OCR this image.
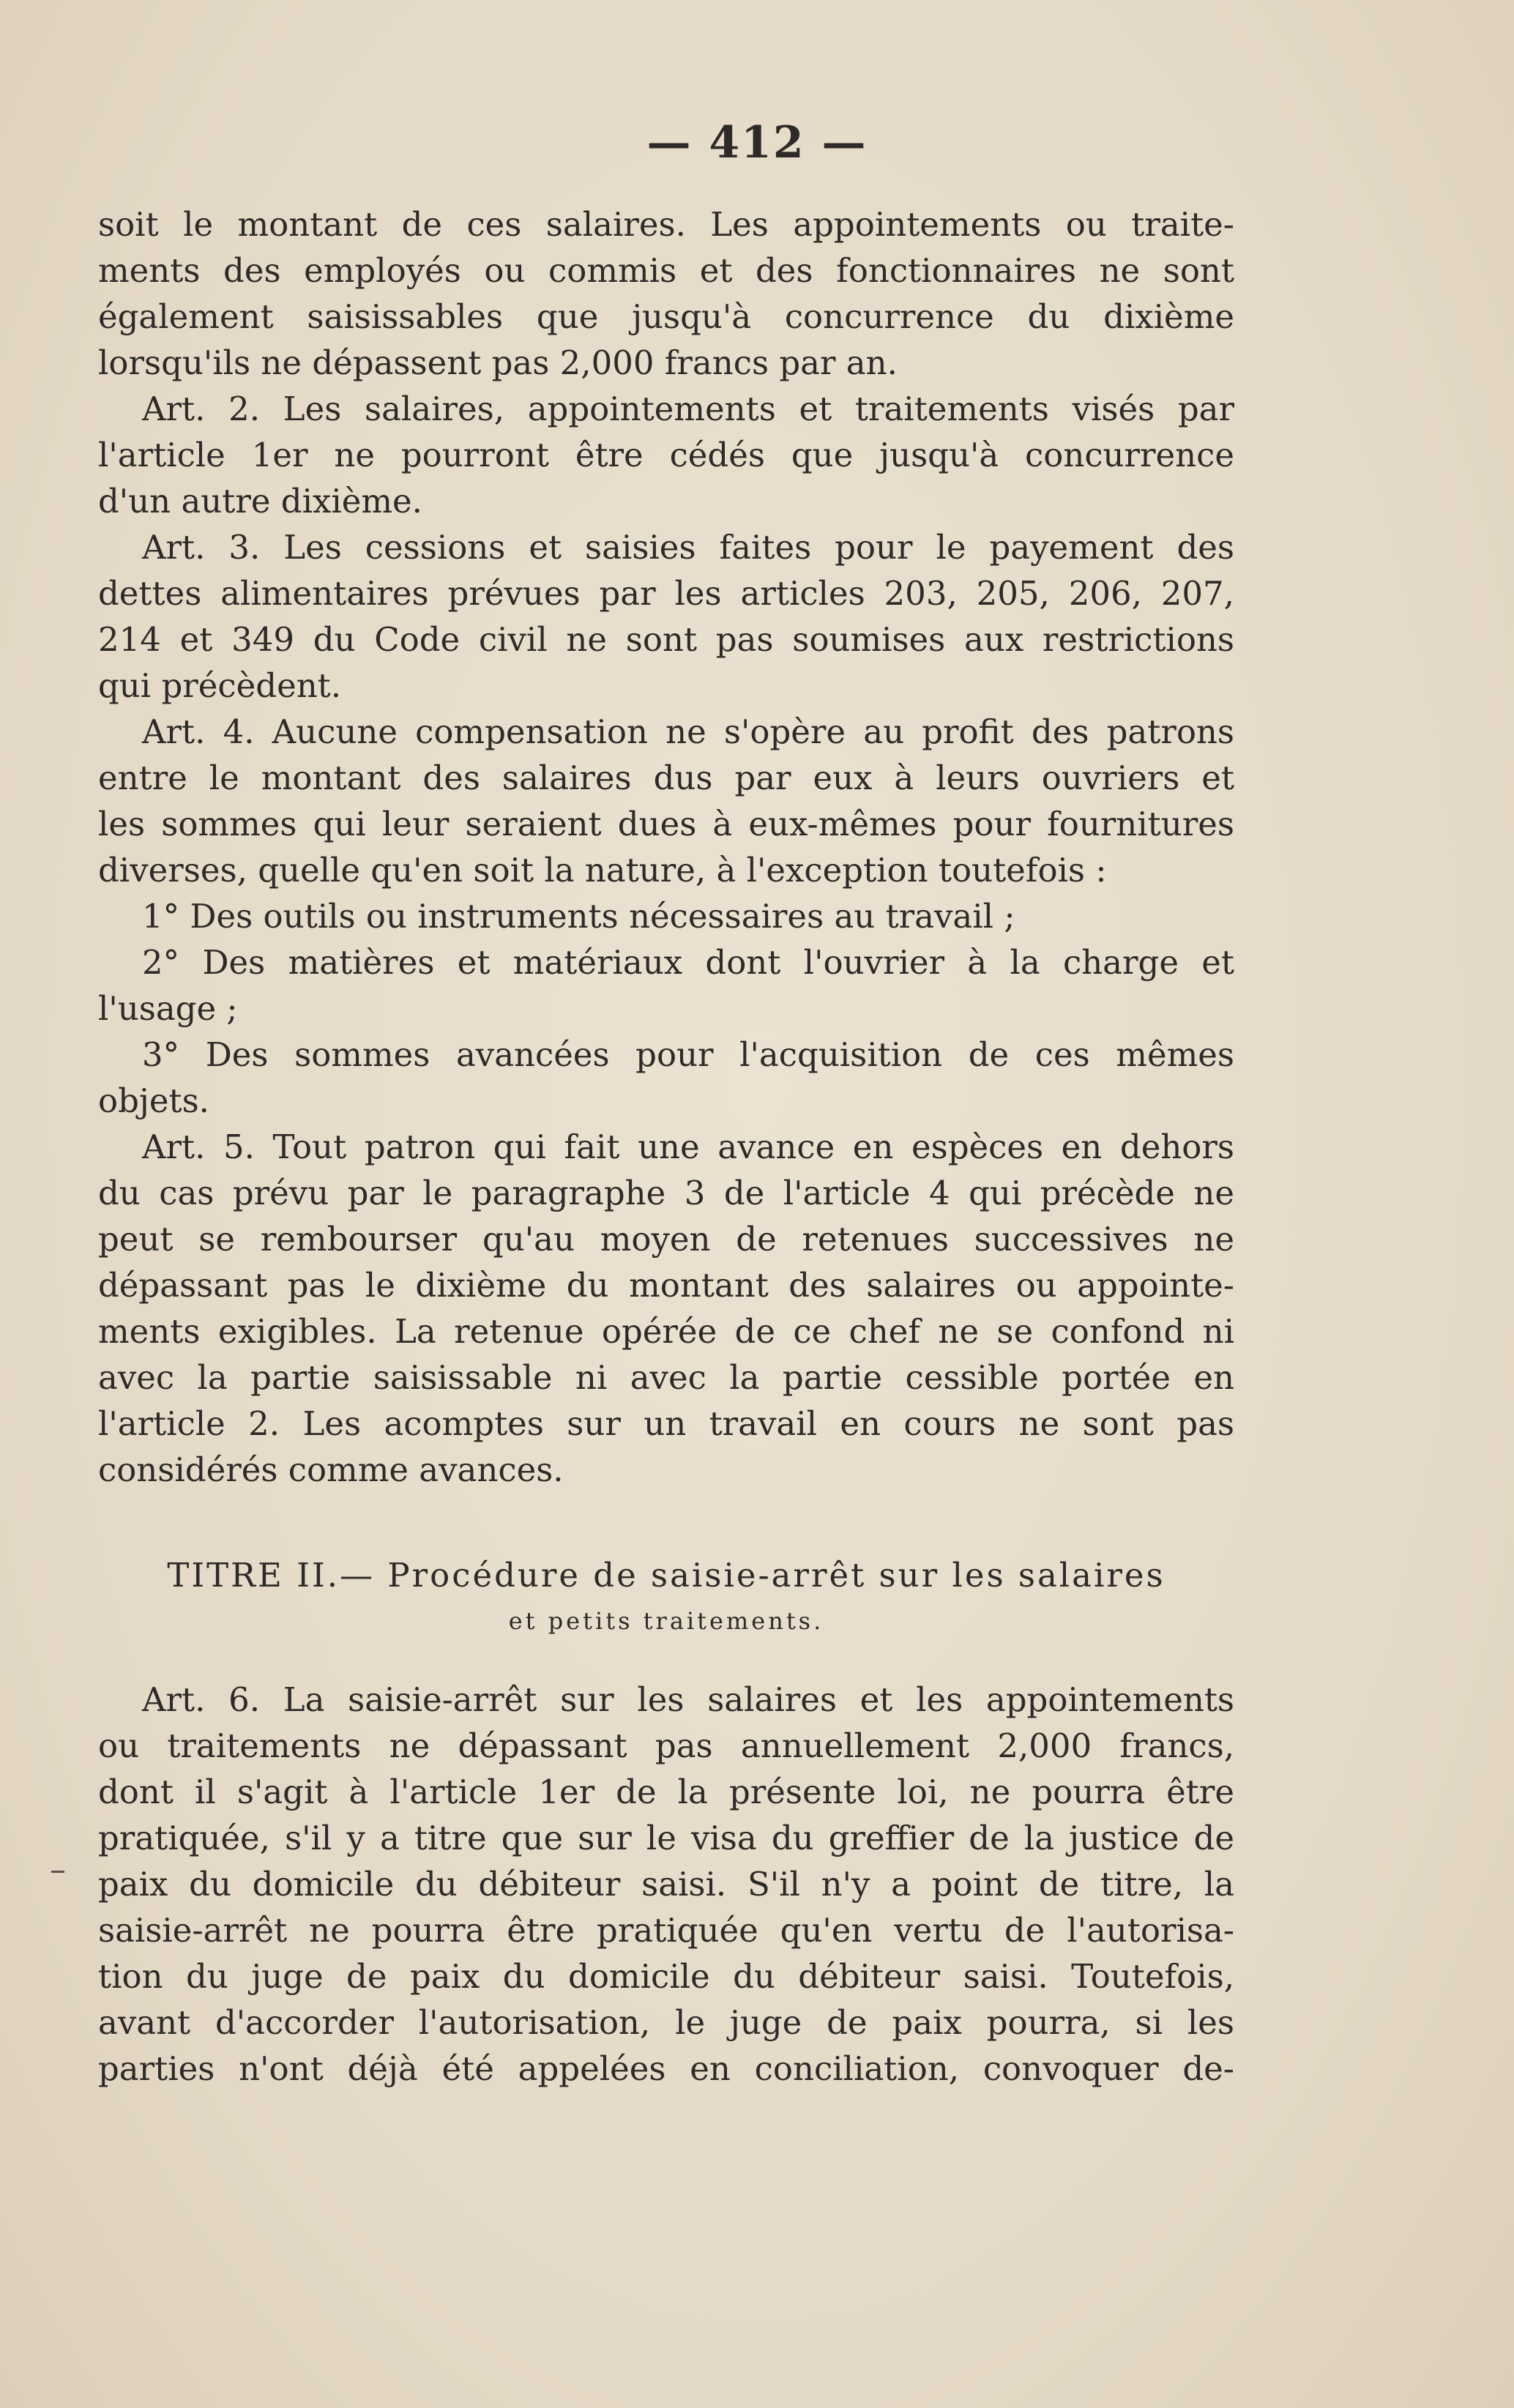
— 412 —
soit le montant de ces salaires. Les appointements ou traite-
ments des employés ou commis et des fonctionnaires ne sont
également saisissables que jusqu'à concurrence du dixième
lorsqu'ils ne dépassent pas 2,000 francs par an.
Art. 2. Les salaires, appointements et traitements visés par
l'article 1er ne pourront être cédés que jusqu'à concurrence
d'un autre dixième.
Art. 3. Les cessions et saisies faites pour le payement des
dettes alimentaires prévues par les articles 203, 205, 206, 207,
214 et 349 du Code civil ne sont pas soumises aux restrictions
qui précèdent.
Art. 4. Aucune compensation ne s'opère au profit des patrons
entre le montant des salaires dus par eux à leurs ouvriers et
les sommes qui leur seraient dues à eux-mêmes pour fournitures
diverses, quelle qu'en soit la nature, à l'exception toutefois :
1° Des outils ou instruments nécessaires au travail ;
2° Des matières et matériaux dont l'ouvrier à la charge et
l'usage ;
3° Des sommes avancées pour l'acquisition de ces mêmes
objets.
Art. 5. Tout patron qui fait une avance en espèces en dehors
du cas prévu par le paragraphe 3 de l'article 4 qui précède ne
peut se rembourser qu'au moyen de retenues successives ne
dépassant pas le dixième du montant des salaires ou appointe-
ments exigibles. La retenue opérée de ce chef ne se confond ni
avec la partie saisissable ni avec la partie cessible portée en
l'article 2. Les acomptes sur un travail en cours ne sont pas
considérés comme avances.
TITRE II.— Procédure de saisie-arrêt sur les salaires
et petits traitements.
Art. 6. La saisie-arrêt sur les salaires et les appointements
ou traitements ne dépassant pas annuellement 2,000 francs,
dont il s'agit à l'article 1er de la présente loi, ne pourra être
pratiquée, s'il y a titre que sur le visa du greffier de la justice de
paix du domicile du débiteur saisi. S'il n'y a point de titre, la
saisie-arrêt ne pourra être pratiquée qu'en vertu de l'autorisa-
tion du juge de paix du domicile du débiteur saisi. Toutefois,
avant d'accorder l'autorisation, le juge de paix pourra, si les
parties n'ont déjà été appelées en conciliation, convoquer de-
